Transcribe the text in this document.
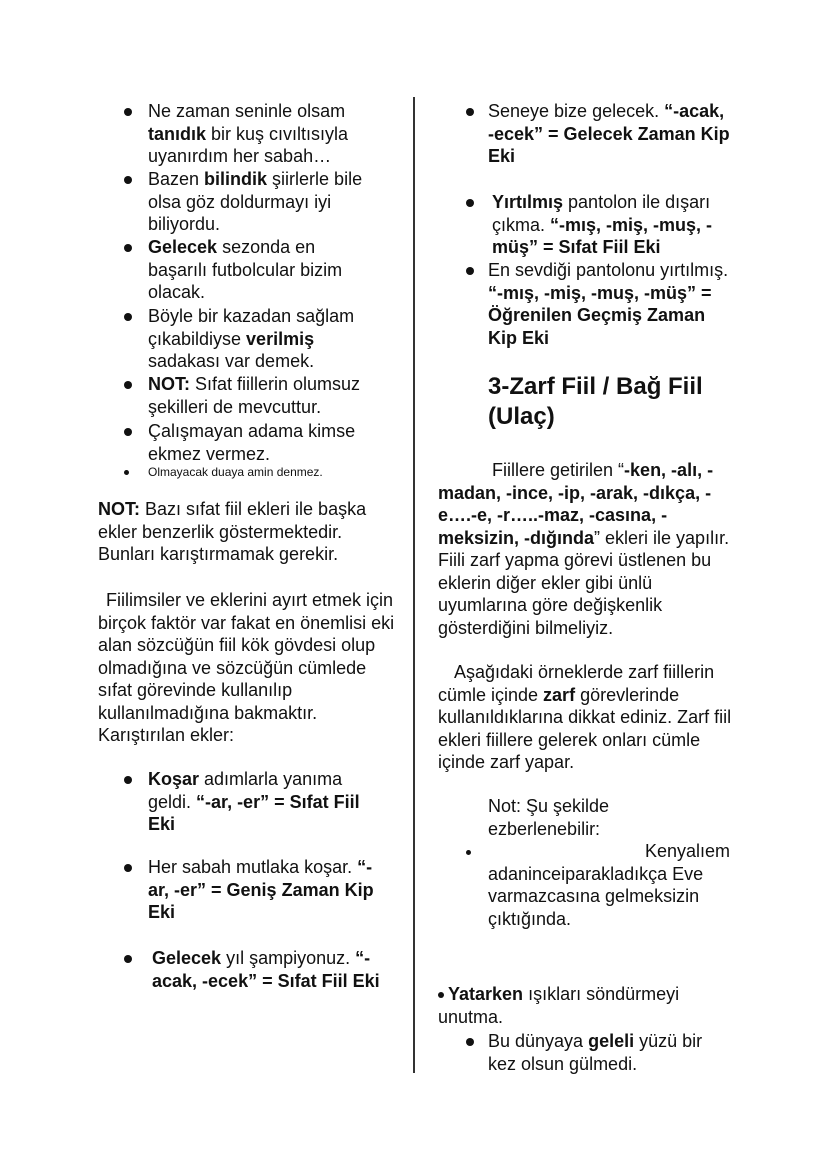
Ne zaman seninle olsam tanıdık bir kuş cıvıltısıyla uyanırdım her sabah…
Bazen bilindik şiirlerle bile olsa göz doldurmayı iyi biliyordu.
Gelecek sezonda en başarılı futbolcular bizim olacak.
Böyle bir kazadan sağlam çıkabildiyse verilmiş sadakası var demek.
NOT: Sıfat fiillerin olumsuz şekilleri de mevcuttur.
Çalışmayan adama kimse ekmez vermez.
Olmayacak duaya amin denmez.
NOT: Bazı sıfat fiil ekleri ile başka ekler benzerlik göstermektedir. Bunları karıştırmamak gerekir.
Fiilimsiler ve eklerini ayırt etmek için birçok faktör var fakat en önemlisi eki alan sözcüğün fiil kök gövdesi olup olmadığına ve sözcüğün cümlede sıfat görevinde kullanılıp kullanılmadığına bakmaktır. Karıştırılan ekler:
Koşar adımlarla yanıma geldi. “-ar, -er” = Sıfat Fiil Eki
Her sabah mutlaka koşar. “-ar, -er” = Geniş Zaman Kip Eki
Gelecek yıl şampiyonuz. “-acak, -ecek” = Sıfat Fiil Eki
Seneye bize gelecek. “-acak, -ecek” = Gelecek Zaman Kip Eki
Yırtılmış pantolon ile dışarı çıkma. “-mış, -miş, -muş, -müş” = Sıfat Fiil Eki
En sevdiği pantolonu yırtılmış. “-mış, -miş, -muş, -müş” = Öğrenilen Geçmiş Zaman Kip Eki
3-Zarf Fiil / Bağ Fiil (Ulaç)
Fiillere getirilen “-ken, -alı, -madan, -ince, -ip, -arak, -dıkça, -e….-e, -r…..-maz, -casına, -meksizin, -dığında” ekleri ile yapılır. Fiili zarf yapma görevi üstlenen bu eklerin diğer ekler gibi ünlü uyumlarına göre değişkenlik gösterdiğini bilmeliyiz.
Aşağıdaki örneklerde zarf fiillerin cümle içinde zarf görevlerinde kullanıldıklarına dikkat ediniz. Zarf fiil ekleri fiillere gelerek onları cümle içinde zarf yapar.
Not: Şu şekilde ezberlenebilir:
Kenyalıem
adaninceiparakladıkça Eve varmazcasına gelmeksizin çıktığında.
Yatarken ışıkları söndürmeyi unutma.
Bu dünyaya geleli yüzü bir kez olsun gülmedi.
